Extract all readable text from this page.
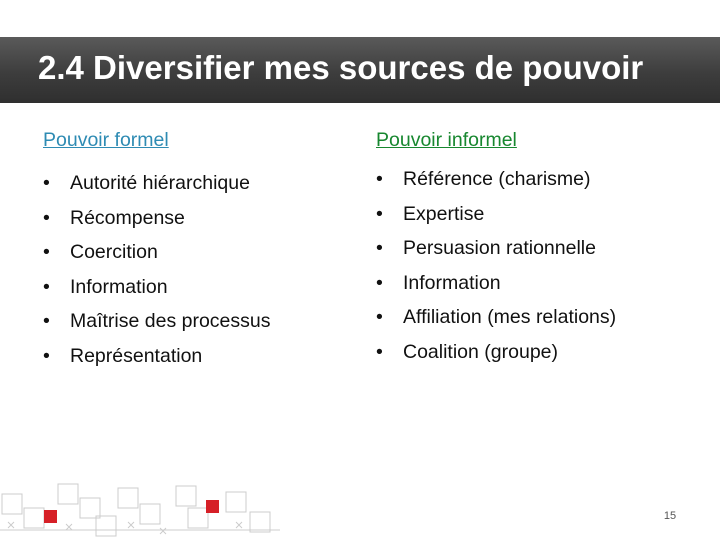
2.4 Diversifier mes sources de pouvoir
Pouvoir formel
• Autorité hiérarchique
• Récompense
• Coercition
• Information
• Maîtrise des processus
• Représentation
Pouvoir informel
• Référence (charisme)
• Expertise
• Persuasion rationnelle
• Information
• Affiliation (mes relations)
• Coalition (groupe)
15
